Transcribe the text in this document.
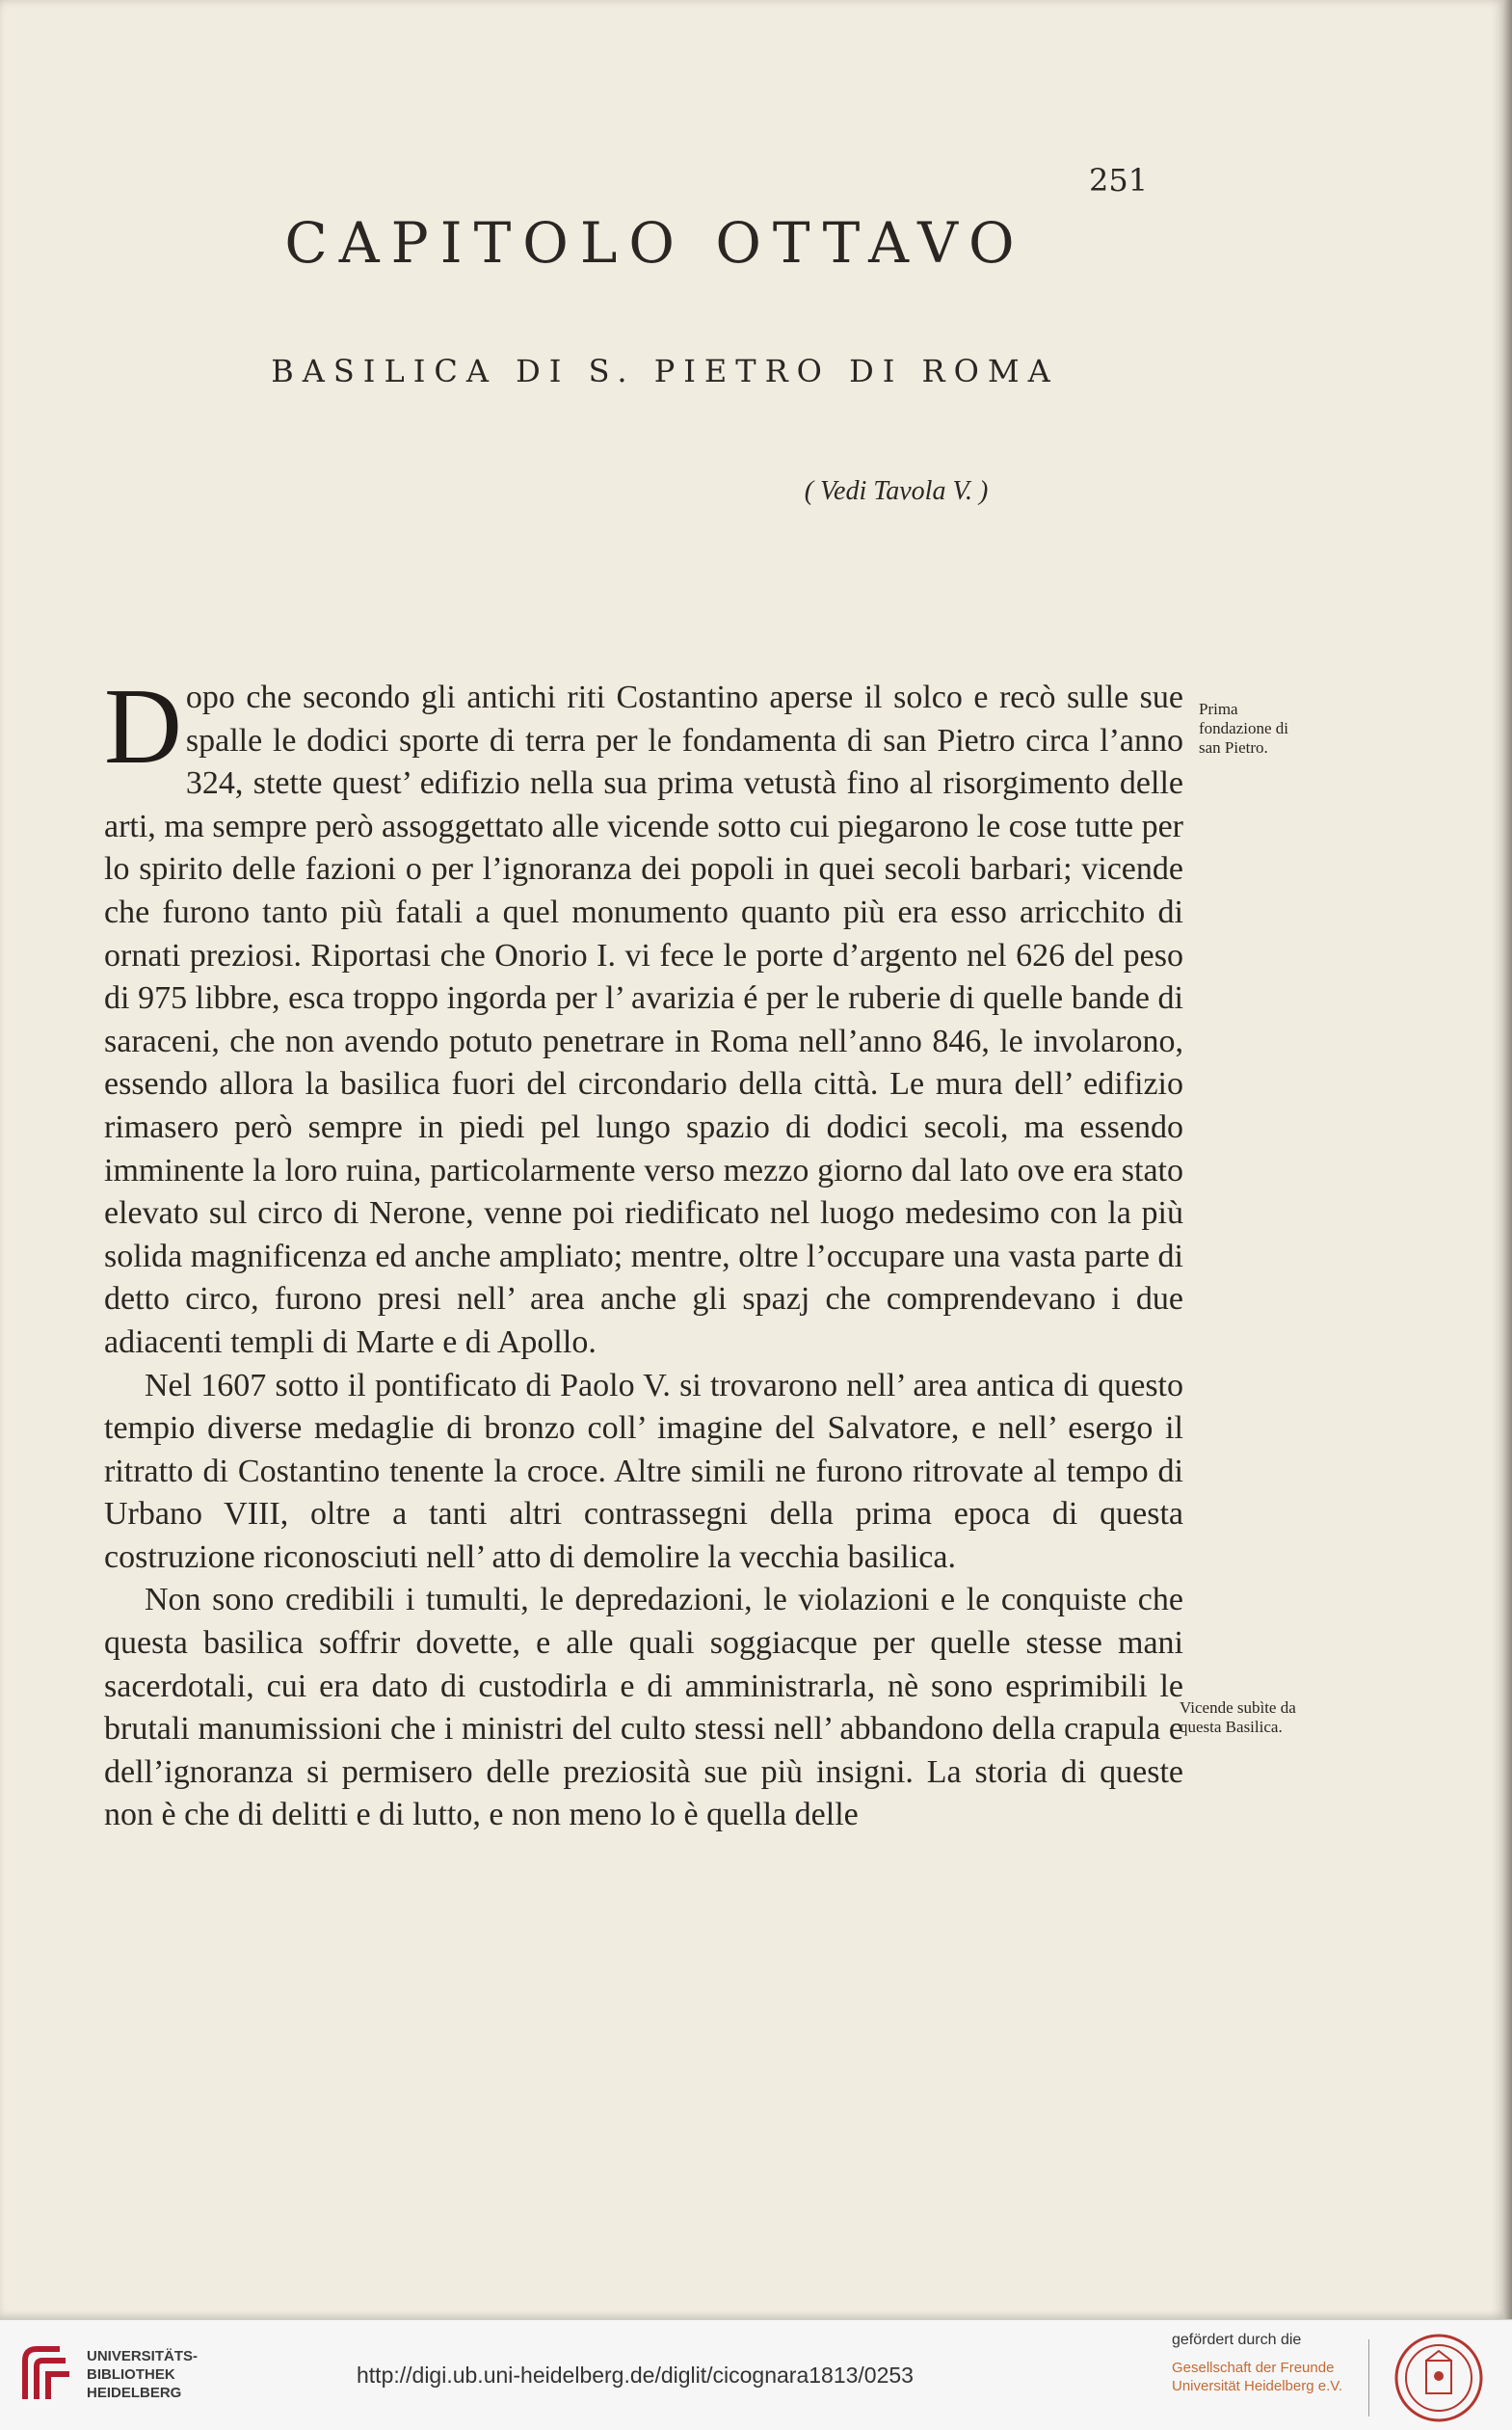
251
CAPITOLO OTTAVO
BASILICA DI S. PIETRO DI ROMA
( Vedi Tavola V. )

Dopo che secondo gli antichi riti Costantino aperse il solco e recò sulle sue spalle le dodici sporte di terra per le fondamenta di san Pietro circa l’anno 324, stette quest’ edifizio nella sua prima vetustà fino al risorgimento delle arti, ma sempre però assoggettato alle vicende sotto cui piegarono le cose tutte per lo spirito delle fazioni o per l’ignoranza dei popoli in quei secoli barbari; vicende che furono tanto più fatali a quel monumento quanto più era esso arricchito di ornati preziosi. Riportasi che Onorio I. vi fece le porte d’argento nel 626 del peso di 975 libbre, esca troppo ingorda per l’ avarizia é per le ruberie di quelle bande di saraceni, che non avendo potuto penetrare in Roma nell’anno 846, le involarono, essendo allora la basilica fuori del circondario della città. Le mura dell’ edifizio rimasero però sempre in piedi pel lungo spazio di dodici secoli, ma essendo imminente la loro ruina, particolarmente verso mezzo giorno dal lato ove era stato elevato sul circo di Nerone, venne poi riedificato nel luogo medesimo con la più solida magnificenza ed anche ampliato; mentre, oltre l’occupare una vasta parte di detto circo, furono presi nell’ area anche gli spazj che comprendevano i due adiacenti templi di Marte e di Apollo.

Nel 1607 sotto il pontificato di Paolo V. si trovarono nell’ area antica di questo tempio diverse medaglie di bronzo coll’ imagine del Salvatore, e nell’ esergo il ritratto di Costantino tenente la croce. Altre simili ne furono ritrovate al tempo di Urbano VIII, oltre a tanti altri contrassegni della prima epoca di questa costruzione riconosciuti nell’ atto di demolire la vecchia basilica.

Non sono credibili i tumulti, le depredazioni, le violazioni e le conquiste che questa basilica soffrir dovette, e alle quali soggiacque per quelle stesse mani sacerdotali, cui era dato di custodirla e di amministrarla, nè sono esprimibili le brutali manumissioni che i ministri del culto stessi nell’ abbandono della crapula e dell’ignoranza si permisero delle preziosità sue più insigni. La storia di queste non è che di delitti e di lutto, e non meno lo è quella delle

Prima fondazione di san Pietro.
Vicende subìte da questa Basilica.
UNIVERSITÄTS-
BIBLIOTHEK
HEIDELBERG
http://digi.ub.uni-heidelberg.de/diglit/cicognara1813/0253
gefördert durch die
Gesellschaft der Freunde
Universität Heidelberg e.V.
